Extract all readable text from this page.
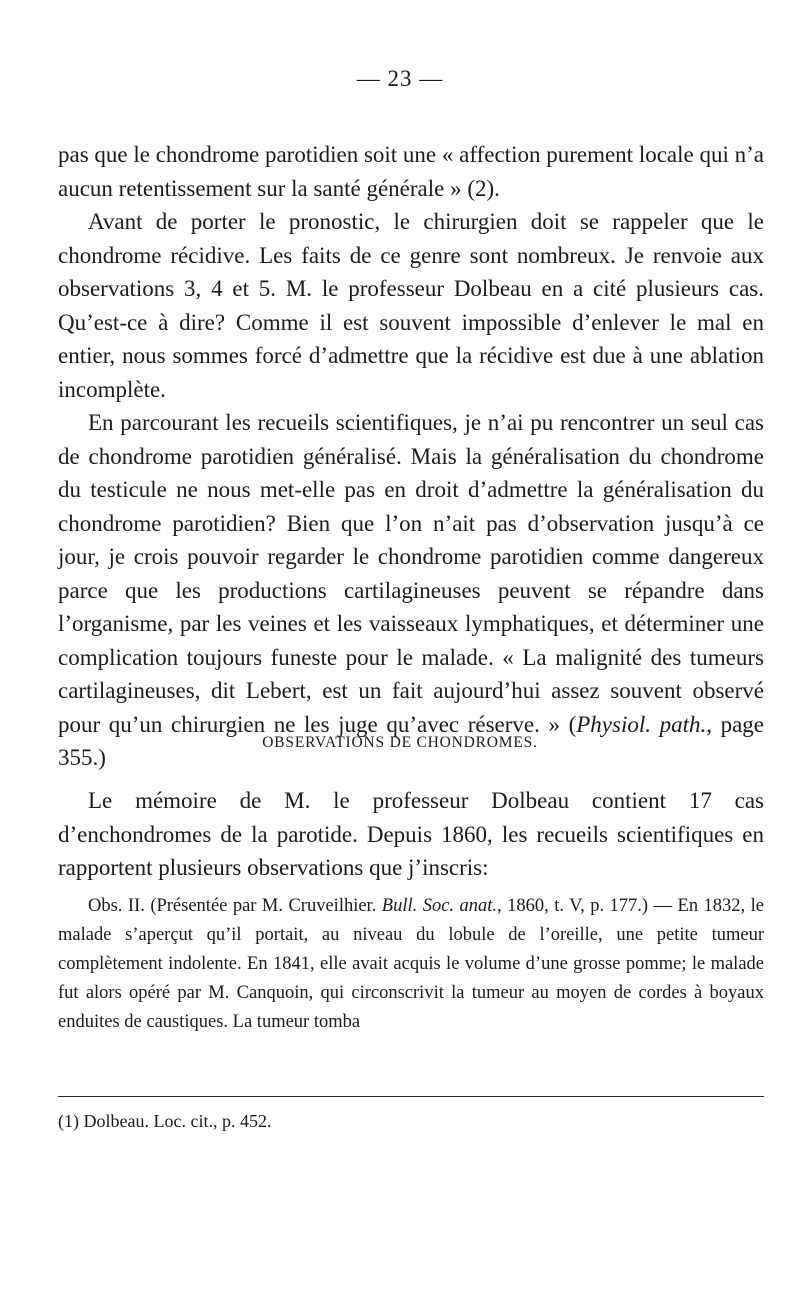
— 23 —

pas que le chondrome parotidien soit une « affection purement locale qui n’a aucun retentissement sur la santé générale » (2).

Avant de porter le pronostic, le chirurgien doit se rappeler que le chondrome récidive. Les faits de ce genre sont nombreux. Je renvoie aux observations 3, 4 et 5. M. le professeur Dolbeau en a cité plusieurs cas. Qu’est-ce à dire? Comme il est souvent impossible d’enlever le mal en entier, nous sommes forcé d’admettre que la récidive est due à une ablation incomplète.

En parcourant les recueils scientifiques, je n’ai pu rencontrer un seul cas de chondrome parotidien généralisé. Mais la généralisation du chondrome du testicule ne nous met-elle pas en droit d’admettre la généralisation du chondrome parotidien? Bien que l’on n’ait pas d’observation jusqu’à ce jour, je crois pouvoir regarder le chondrome parotidien comme dangereux parce que les productions cartilagineuses peuvent se répandre dans l’organisme, par les veines et les vaisseaux lymphatiques, et déterminer une complication toujours funeste pour le malade. « La malignité des tumeurs cartilagineuses, dit Lebert, est un fait aujourd’hui assez souvent observé pour qu’un chirurgien ne les juge qu’avec réserve. » (Physiol. path., page 355.)

OBSERVATIONS DE CHONDROMES.

Le mémoire de M. le professeur Dolbeau contient 17 cas d’enchondromes de la parotide. Depuis 1860, les recueils scientifiques en rapportent plusieurs observations que j’inscris:

Obs. II. (Présentée par M. Cruveilhier. Bull. Soc. anat., 1860, t. V, p. 177.) — En 1832, le malade s’aperçut qu’il portait, au niveau du lobule de l’oreille, une petite tumeur complètement indolente. En 1841, elle avait acquis le volume d’une grosse pomme; le malade fut alors opéré par M. Canquoin, qui circonscrivit la tumeur au moyen de cordes à boyaux enduites de caustiques. La tumeur tomba

(1) Dolbeau. Loc. cit., p. 452.
